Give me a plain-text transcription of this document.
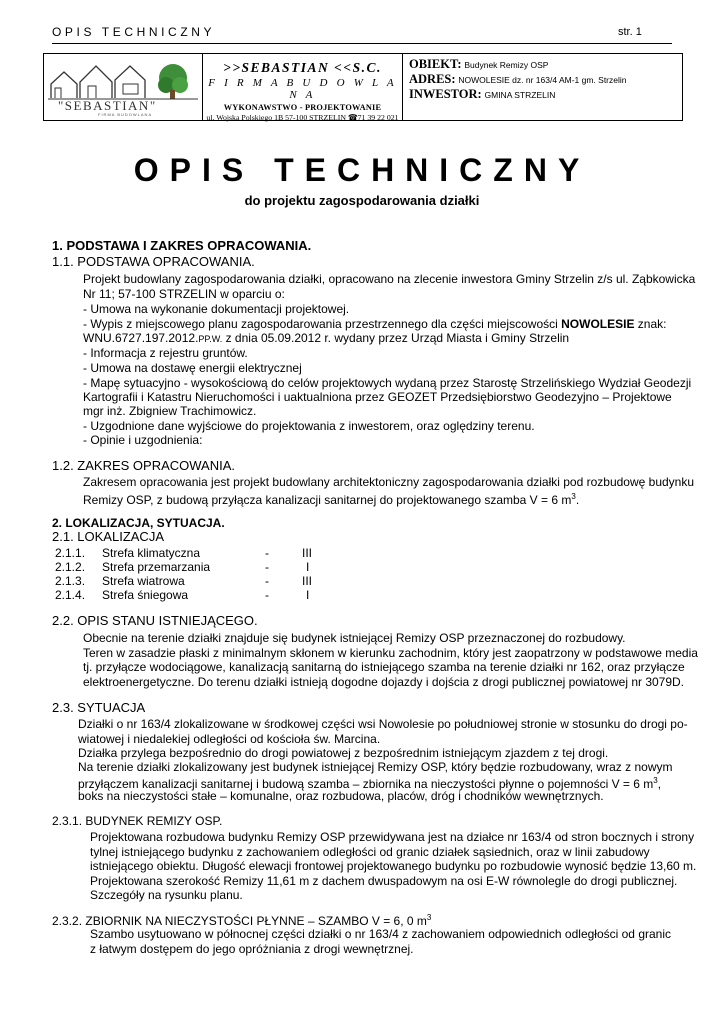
OPIS TECHNICZNY	str. 1
"SEBASTIAN"
FIRMA BUDOWLANA
>>SEBASTIAN <<S.C.
F I R M A B U D O W L A N A
WYKONAWSTWO - PROJEKTOWANIE
ul. Wojska Polskiego 1B 57-100 STRZELIN ☎71 39 22 021
OBIEKT: Budynek Remizy OSP
ADRES: NOWOLESIE dz. nr 163/4 AM-1 gm. Strzelin
INWESTOR: GMINA STRZELIN
OPIS TECHNICZNY
do projektu zagospodarowania działki
1. PODSTAWA I ZAKRES OPRACOWANIA.
1.1. PODSTAWA OPRACOWANIA.
Projekt budowlany zagospodarowania działki, opracowano na zlecenie inwestora Gminy Strzelin z/s ul. Ząbkowicka
Nr 11; 57-100 STRZELIN w oparciu o:
- Umowa na wykonanie dokumentacji projektowej.
- Wypis z miejscowego planu zagospodarowania przestrzennego dla części miejscowości NOWOLESIE znak:
WNU.6727.197.2012.PP.W. z dnia 05.09.2012 r. wydany przez Urząd Miasta i Gminy Strzelin
- Informacja z rejestru gruntów.
- Umowa na dostawę energii elektrycznej
- Mapę sytuacyjno - wysokościową do celów projektowych wydaną przez Starostę Strzelińskiego Wydział Geodezji
Kartografii i Katastru Nieruchomości i uaktualniona przez GEOZET Przedsiębiorstwo Geodezyjno – Projektowe
mgr inż. Zbigniew Trachimowicz.
- Uzgodnione dane wyjściowe do projektowania z inwestorem, oraz oględziny terenu.
- Opinie i uzgodnienia:
1.2. ZAKRES OPRACOWANIA.
Zakresem opracowania jest projekt budowlany architektoniczny zagospodarowania działki pod rozbudowę budynku
Remizy OSP, z budową przyłącza kanalizacji sanitarnej do projektowanego szamba V = 6 $m^3$.
2. LOKALIZACJA, SYTUACJA.
2.1. LOKALIZACJA
2.1.1. Strefa klimatyczna	-	III
2.1.2. Strefa przemarzania	-	I
2.1.3. Strefa wiatrowa	-	III
2.1.4. Strefa śniegowa	-	I
2.2. OPIS STANU ISTNIEJĄCEGO.
Obecnie na terenie działki znajduje się budynek istniejącej Remizy OSP przeznaczonej do rozbudowy.
Teren w zasadzie płaski z minimalnym skłonem w kierunku zachodnim, który jest zaopatrzony w podstawowe media
tj. przyłącze wodociągowe, kanalizacją sanitarną do istniejącego szamba na terenie działki nr 162, oraz przyłącze
elektroenergetyczne. Do terenu działki istnieją dogodne dojazdy i dojścia z drogi publicznej powiatowej nr 3079D.
2.3. SYTUACJA
Działki o nr 163/4 zlokalizowane w środkowej części wsi Nowolesie po południowej stronie w stosunku do drogi po-
wiatowej i niedalekiej odległości od kościoła św. Marcina.
Działka przylega bezpośrednio do drogi powiatowej z bezpośrednim istniejącym zjazdem z tej drogi.
Na terenie działki zlokalizowany jest budynek istniejącej Remizy OSP, który będzie rozbudowany, wraz z nowym
przyłączem kanalizacji sanitarnej i budową szamba – zbiornika na nieczystości płynne o pojemności V = 6 $m^3$,
boks na nieczystości stałe – komunalne, oraz rozbudowa, placów, dróg i chodników wewnętrznych.
2.3.1. BUDYNEK REMIZY OSP.
Projektowana rozbudowa budynku Remizy OSP przewidywana jest na działce nr 163/4 od stron bocznych i strony
tylnej istniejącego budynku z zachowaniem odległości od granic działek sąsiednich, oraz w linii zabudowy
istniejącego obiektu. Długość elewacji frontowej projektowanego budynku po rozbudowie wynosić będzie 13,60 m.
Projektowana szerokość Remizy 11,61 m z dachem dwuspadowym na osi E-W równolegle do drogi publicznej.
Szczegóły na rysunku planu.
2.3.2. ZBIORNIK NA NIECZYSTOŚCI PŁYNNE – SZAMBO V = 6, 0 $m^3$
Szambo usytuowano w północnej części działki o nr 163/4 z zachowaniem odpowiednich odległości od granic
z łatwym dostępem do jego opróżniania z drogi wewnętrznej.
